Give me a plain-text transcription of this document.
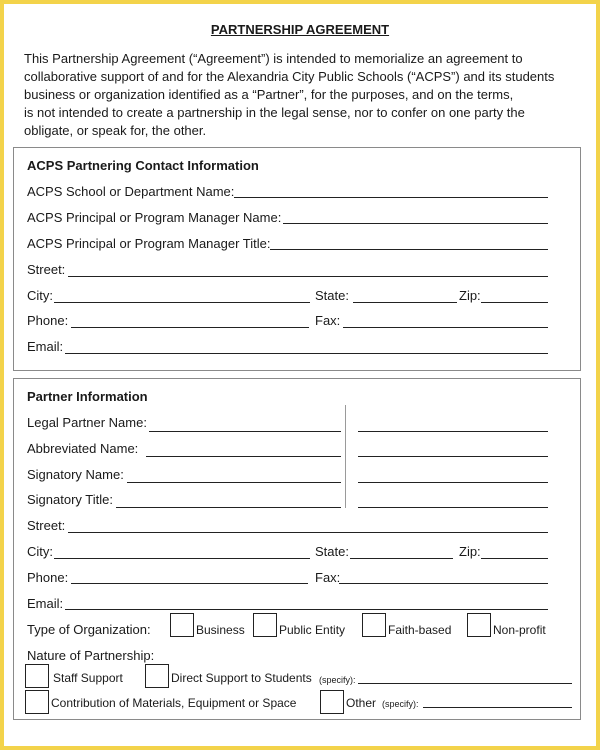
PARTNERSHIP AGREEMENT
This Partnership Agreement (“Agreement”) is intended to memorialize an agreement to
collaborative support of and for the Alexandria City Public Schools (“ACPS”) and its students
business or organization identified as a “Partner”, for the purposes, and on the terms,
is not intended to create a partnership in the legal sense, nor to confer on one party the
obligate, or speak for, the other.
ACPS Partnering Contact Information
ACPS School or Department Name:
ACPS Principal or Program Manager Name:
ACPS Principal or Program Manager Title:
Street:
City:	State:	Zip:
Phone:	Fax:
Email:
Partner Information
Legal Partner Name:
Abbreviated Name:
Signatory Name:
Signatory Title:
Street:
City:	State:	Zip:
Phone:	Fax:
Email:
Type of Organization:	Business	Public Entity	Faith-based	Non-profit
Nature of Partnership:
Staff Support	Direct Support to Students (specify):
Contribution of Materials, Equipment or Space	Other (specify):
